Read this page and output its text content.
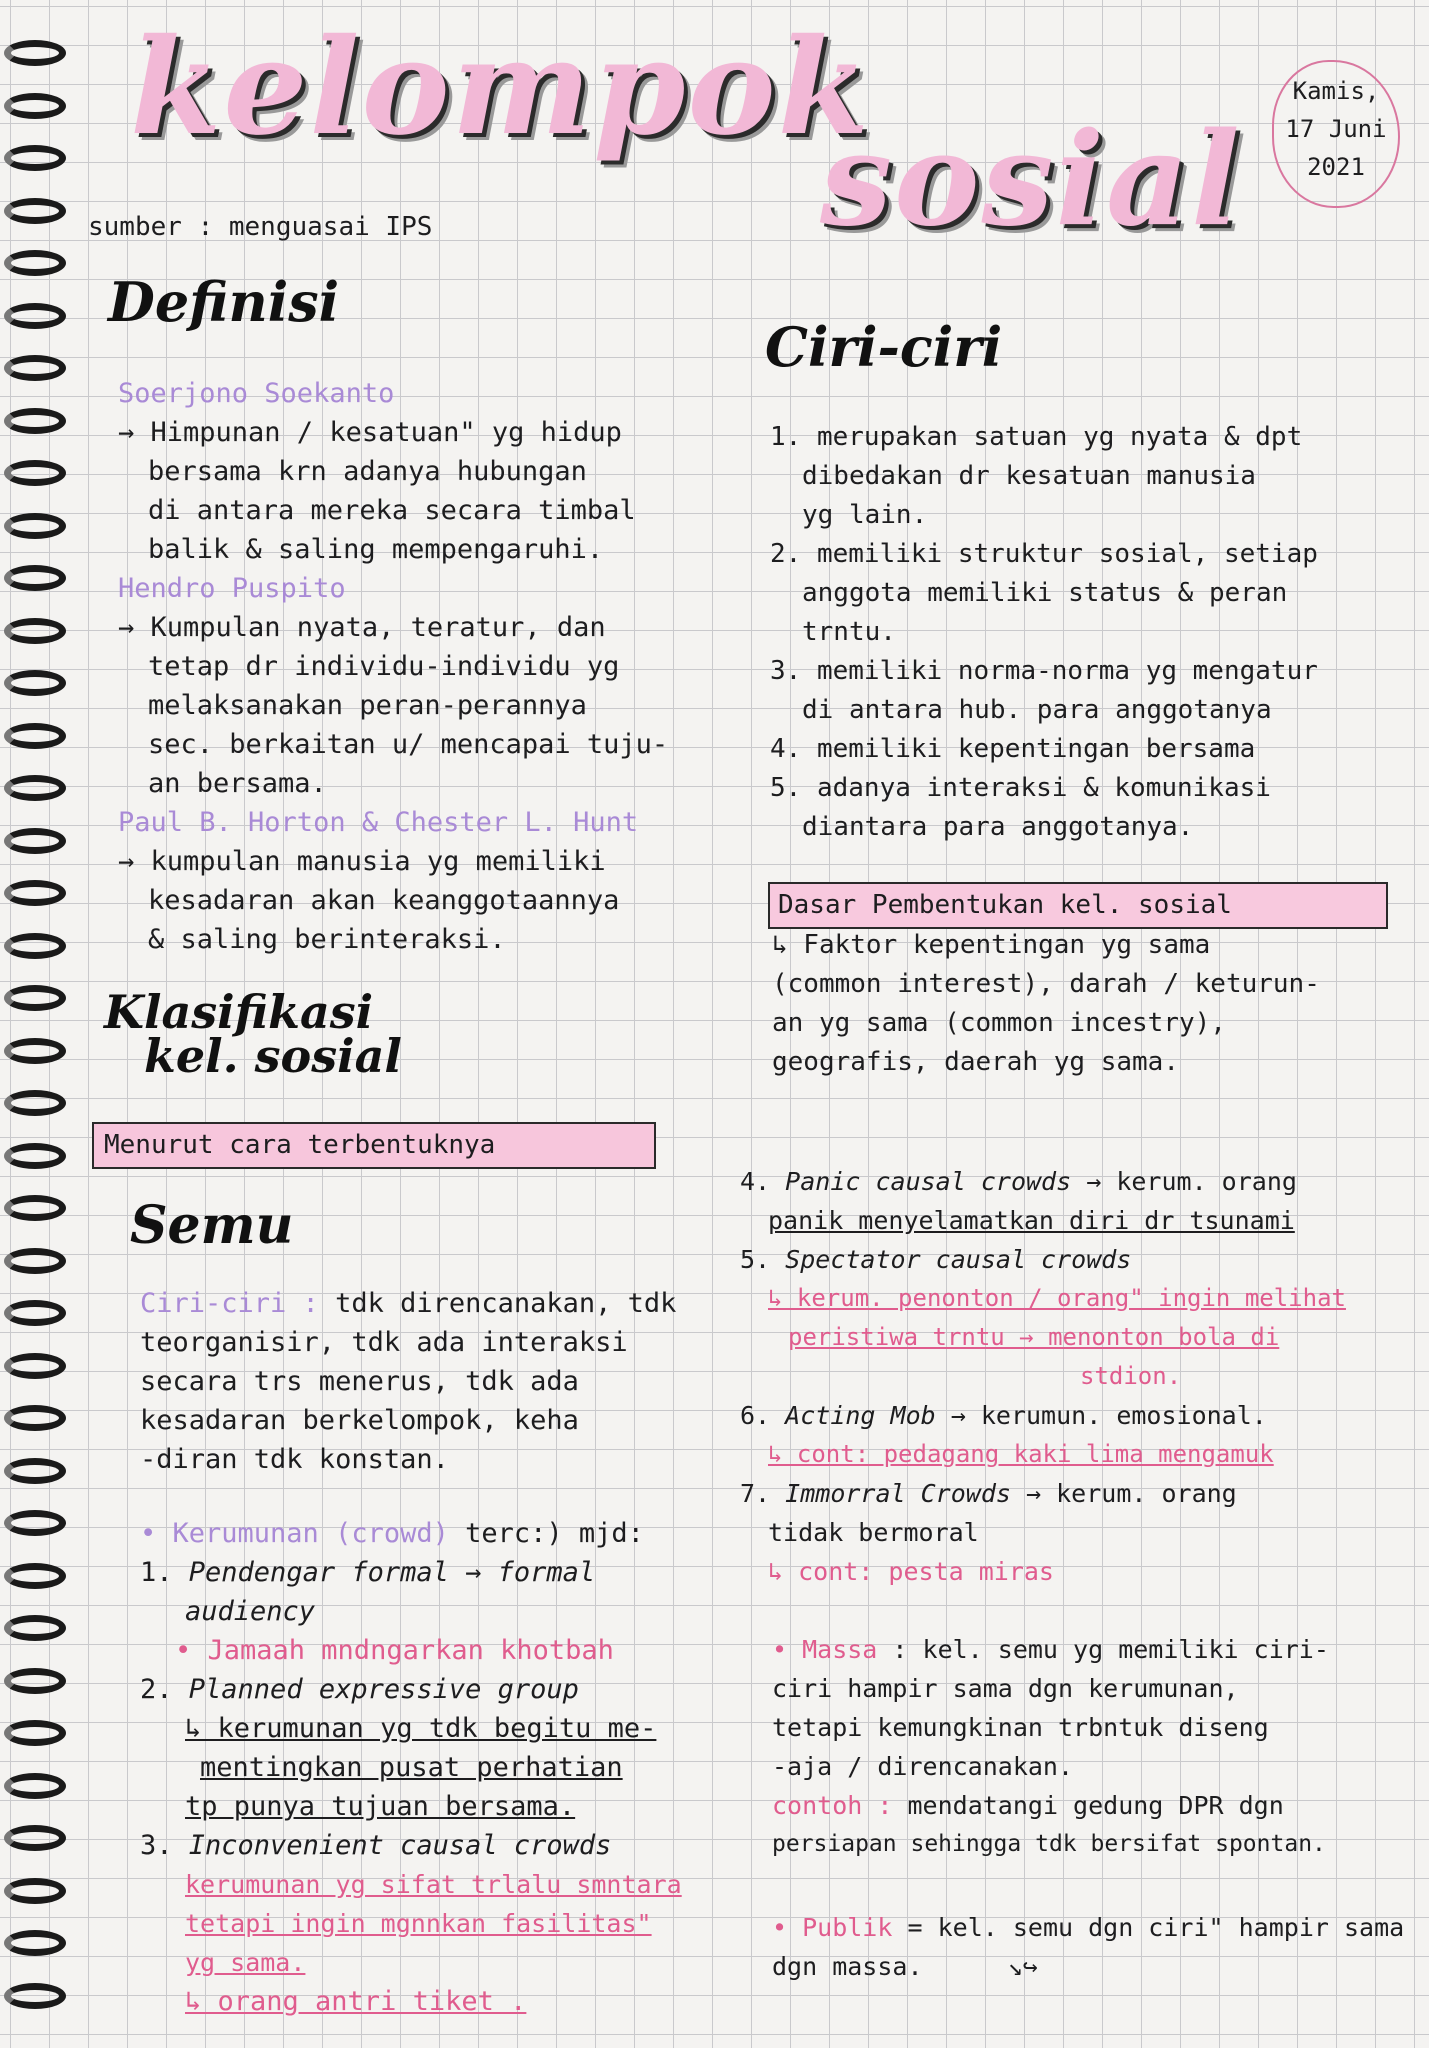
kelompok
sosial
Kamis,
17 Juni
2021
sumber : menguasai IPS
Definisi
Soerjono Soekanto
→ Himpunan / kesatuan" yg hidup
bersama krn adanya hubungan
di antara mereka secara timbal
balik & saling mempengaruhi.
Hendro Puspito
→ Kumpulan nyata, teratur, dan
tetap dr individu-individu yg
melaksanakan peran-perannya
sec. berkaitan u/ mencapai tuju-
an bersama.
Paul B. Horton & Chester L. Hunt
→ kumpulan manusia yg memiliki
kesadaran akan keanggotaannya
& saling berinteraksi.
Klasifikasi
kel. sosial
Menurut cara terbentuknya
Semu
Ciri-ciri : tdk direncanakan, tdk
teorganisir, tdk ada interaksi
secara trs menerus, tdk ada
kesadaran berkelompok, keha
-diran tdk konstan.
• Kerumunan (crowd) terc:) mjd:
1. Pendengar formal → formal
audiency
• Jamaah mndngarkan khotbah
2. Planned expressive group
↳ kerumunan yg tdk begitu me-
mentingkan pusat perhatian
tp punya tujuan bersama.
3. Inconvenient causal crowds
kerumunan yg sifat trlalu smntara
tetapi ingin mgnnkan fasilitas"
yg sama.
↳ orang antri tiket .
Ciri-ciri
1. merupakan satuan yg nyata & dpt
dibedakan dr kesatuan manusia
yg lain.
2. memiliki struktur sosial, setiap
anggota memiliki status & peran
trntu.
3. memiliki norma-norma yg mengatur
di antara hub. para anggotanya
4. memiliki kepentingan bersama
5. adanya interaksi & komunikasi
diantara para anggotanya.
Dasar Pembentukan kel. sosial
↳ Faktor kepentingan yg sama
(common interest), darah / keturun-
an yg sama (common incestry),
geografis, daerah yg sama.
4. Panic causal crowds → kerum. orang
panik menyelamatkan diri dr tsunami
5. Spectator causal crowds
↳ kerum. penonton / orang" ingin melihat
peristiwa trntu → menonton bola di
stdion.
6. Acting Mob → kerumun. emosional.
↳ cont: pedagang kaki lima mengamuk
7. Immorral Crowds → kerum. orang
tidak bermoral
↳ cont: pesta miras
• Massa : kel. semu yg memiliki ciri-
ciri hampir sama dgn kerumunan,
tetapi kemungkinan trbntuk diseng
-aja / direncanakan.
contoh : mendatangi gedung DPR dgn
persiapan sehingga tdk bersifat spontan.
• Publik = kel. semu dgn ciri" hampir sama
dgn massa.	↘↪
